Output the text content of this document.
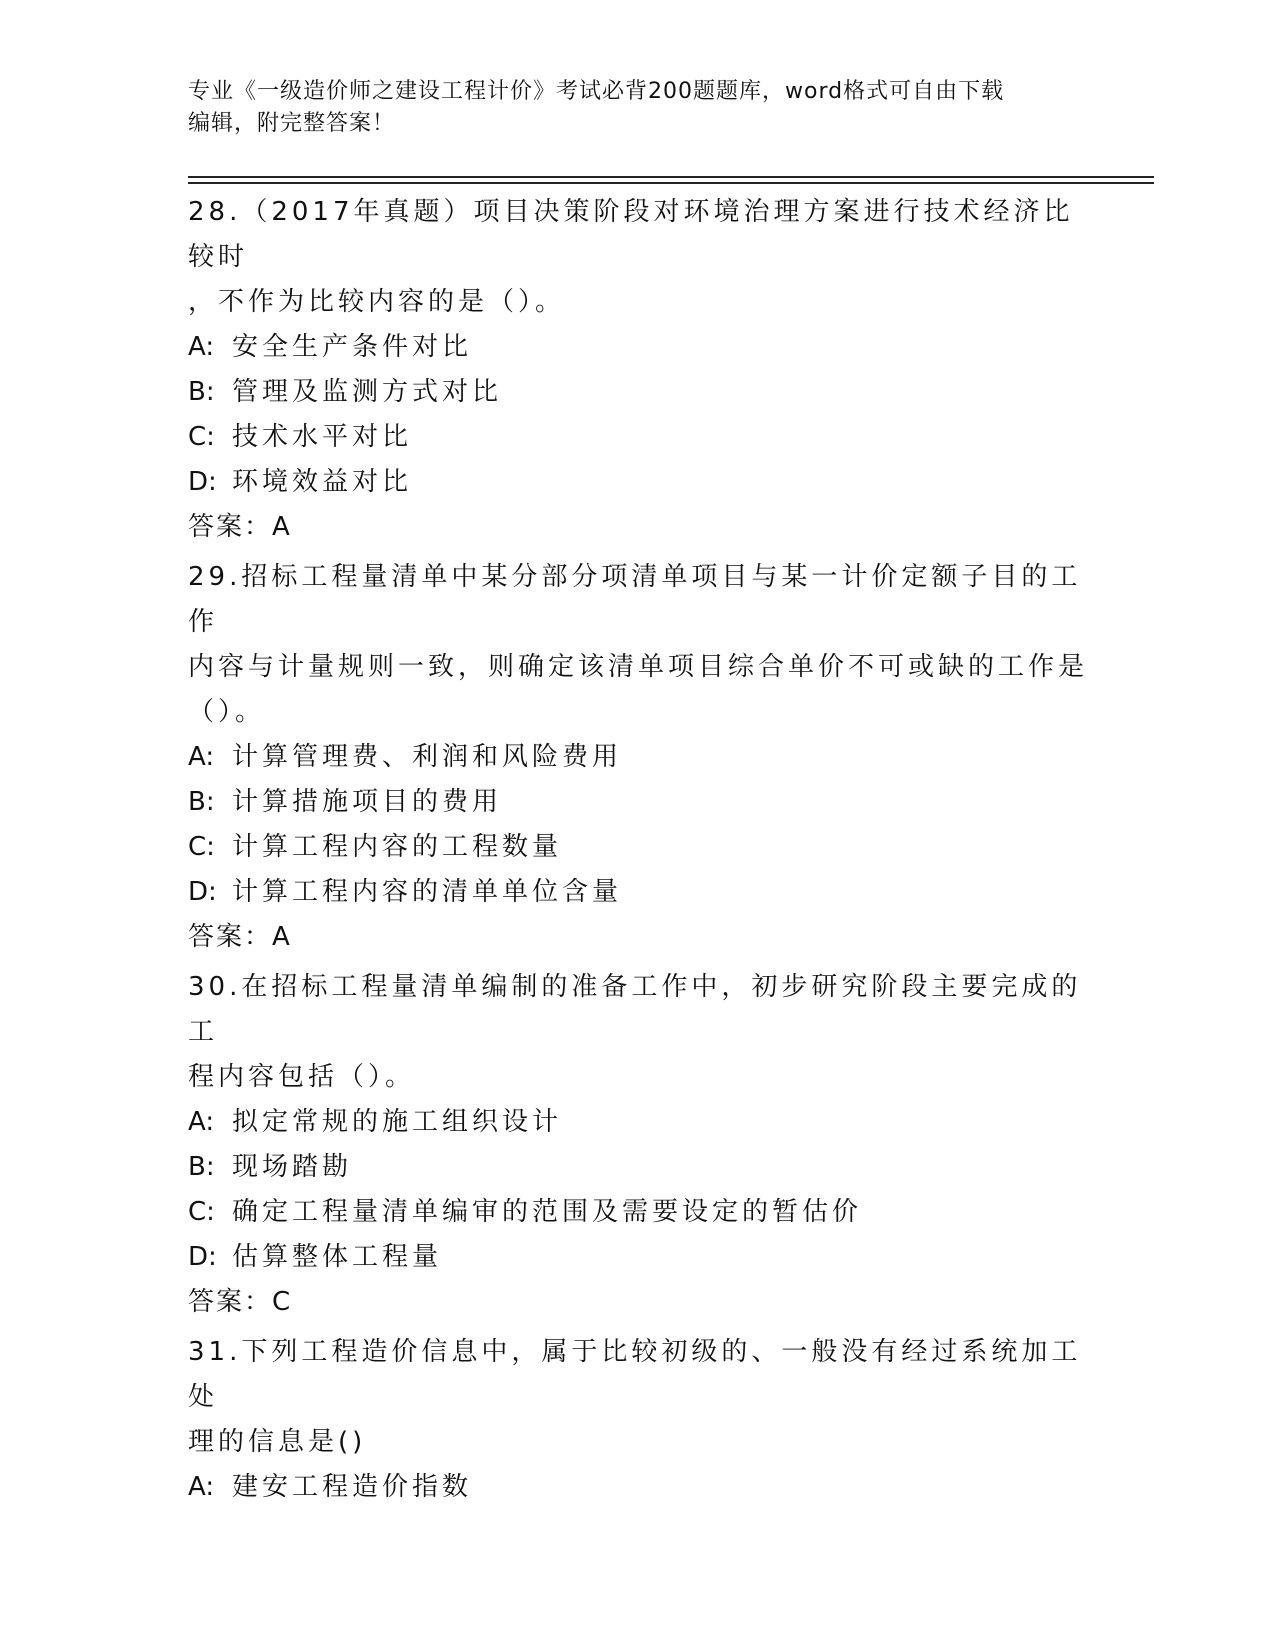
专业《一级造价师之建设工程计价》考试必背200题题库，word格式可自由下载
编辑，附完整答案！
28.（2017年真题）项目决策阶段对环境治理方案进行技术经济比较时
，不作为比较内容的是（）。
A: 安全生产条件对比
B: 管理及监测方式对比
C: 技术水平对比
D: 环境效益对比
答案：A
29.招标工程量清单中某分部分项清单项目与某一计价定额子目的工作
内容与计量规则一致，则确定该清单项目综合单价不可或缺的工作是
（）。
A: 计算管理费、利润和风险费用
B: 计算措施项目的费用
C: 计算工程内容的工程数量
D: 计算工程内容的清单单位含量
答案：A
30.在招标工程量清单编制的准备工作中，初步研究阶段主要完成的工
程内容包括（）。
A: 拟定常规的施工组织设计
B: 现场踏勘
C: 确定工程量清单编审的范围及需要设定的暂估价
D: 估算整体工程量
答案：C
31.下列工程造价信息中，属于比较初级的、一般没有经过系统加工处
理的信息是()
A: 建安工程造价指数
